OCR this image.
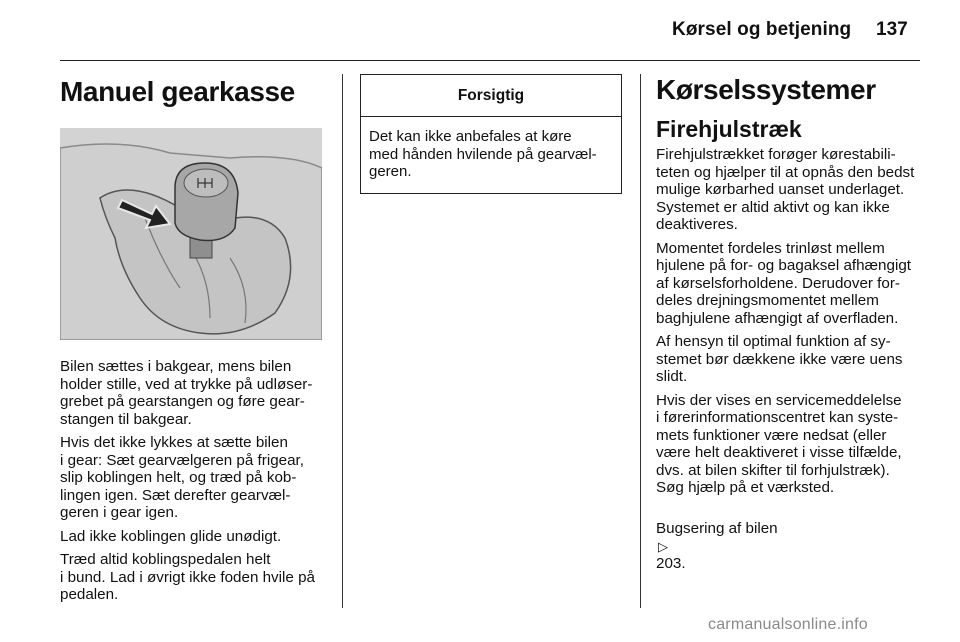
Kørsel og betjening 137
Manuel gearkasse

Bilen sættes i bakgear, mens bilen
holder stille, ved at trykke på udløser-
grebet på gearstangen og føre gear-
stangen til bakgear.

Hvis det ikke lykkes at sætte bilen
i gear: Sæt gearvælgeren på frigear,
slip koblingen helt, og træd på kob-
lingen igen. Sæt derefter gearvæl-
geren i gear igen.

Lad ikke koblingen glide unødigt.

Træd altid koblingspedalen helt
i bund. Lad i øvrigt ikke foden hvile på
pedalen.

Forsigtig

Det kan ikke anbefales at køre
med hånden hvilende på gearvæl-
geren.

Kørselssystemer
Firehjulstræk

Firehjulstrækket forøger kørestabili-
teten og hjælper til at opnås den bedst
mulige kørbarhed uanset underlaget.
Systemet er altid aktivt og kan ikke
deaktiveres.

Momentet fordeles trinløst mellem
hjulene på for- og bagaksel afhængigt
af kørselsforholdene. Derudover for-
deles drejningsmomentet mellem
baghjulene afhængigt af overfladen.

Af hensyn til optimal funktion af sy-
stemet bør dækkene ikke være uens
slidt.

Hvis der vises en servicemeddelelse
i førerinformationscentret kan syste-
mets funktioner være nedsat (eller
være helt deaktiveret i visse tilfælde,
dvs. at bilen skifter til forhjulstræk).
Søg hjælp på et værksted.

Bugsering af bilen
▷
203.

carmanualsonline.info
